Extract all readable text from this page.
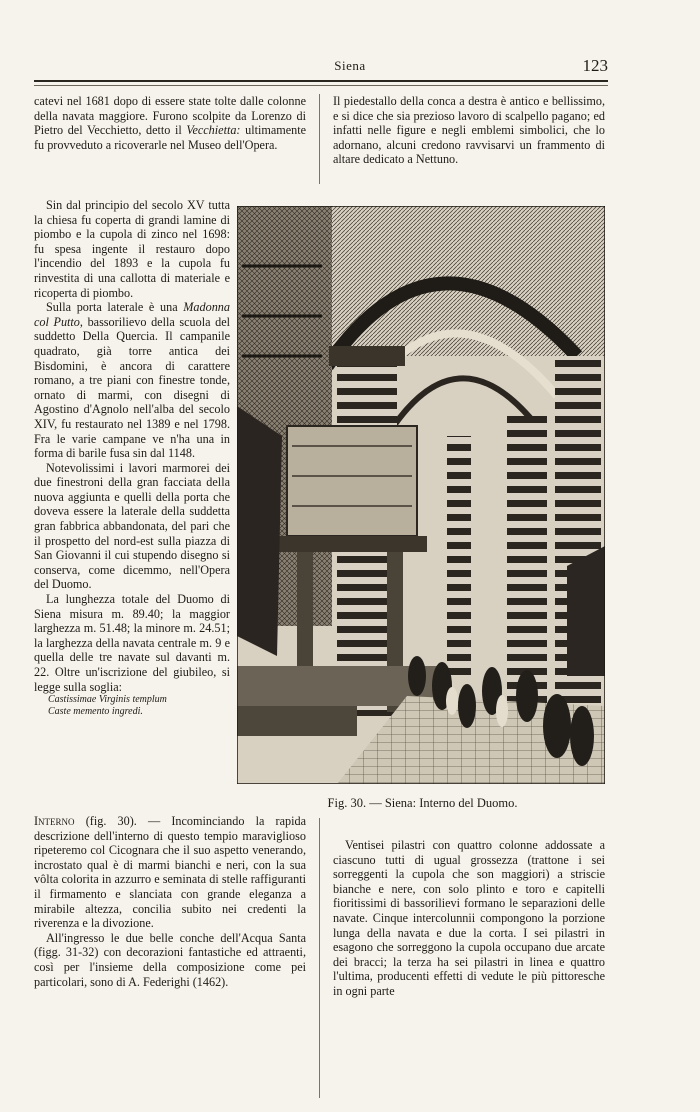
Siena	123

catevi nel 1681 dopo di essere state tolte dalle colonne della navata maggiore. Furono scolpite da Lorenzo di Pietro del Vecchietto, detto il Vecchietta: ultimamente fu provveduto a ricoverarle nel Museo dell'Opera.

Sin dal principio del secolo XV tutta la chiesa fu coperta di grandi lamine di piombo e la cupola di zinco nel 1698: fu spesa ingente il restauro dopo l'incendio del 1893 e la cupola fu rinvestita di una callotta di materiale e ricoperta di piombo.

Sulla porta laterale è una Madonna col Putto, bassorilievo della scuola del suddetto Della Quercia. Il campanile quadrato, già torre antica dei Bisdomini, è ancora di carattere romano, a tre piani con finestre tonde, ornato di marmi, con disegni di Agostino d'Agnolo nell'alba del secolo XIV, fu restaurato nel 1389 e nel 1798. Fra le varie campane ve n'ha una in forma di barile fusa sin dal 1148.

Notevolissimi i lavori marmorei dei due finestroni della gran facciata della nuova aggiunta e quelli della porta che doveva essere la laterale della suddetta gran fabbrica abbandonata, del pari che il prospetto del nord-est sulla piazza di San Giovanni il cui stupendo disegno si conserva, come dicemmo, nell'Opera del Duomo.

La lunghezza totale del Duomo di Siena misura m. 89.40; la maggior larghezza m. 51.48; la minore m. 24.51; la larghezza della navata centrale m. 9 e quella delle tre navate sul davanti m. 22. Oltre un'iscrizione del giubileo, si legge sulla soglia:

Castissimae Virginis templum
Caste memento ingredi.

Interno (fig. 30). — Incominciando la rapida descrizione dell'interno di questo tempio maraviglioso ripeteremo col Cicognara che il suo aspetto venerando, incrostato qual è di marmi bianchi e neri, con la sua vôlta colorita in azzurro e seminata di stelle raffiguranti il firmamento e slanciata con grande eleganza a mirabile altezza, concilia subito nei credenti la riverenza e la divozione.

All'ingresso le due belle conche dell'Acqua Santa (figg. 31-32) con decorazioni fantastiche ed attraenti, così per l'insieme della composizione come pei particolari, sono di A. Federighi (1462).

Il piedestallo della conca a destra è antico e bellissimo, e si dice che sia prezioso lavoro di scalpello pagano; ed infatti nelle figure e negli emblemi simbolici, che lo adornano, alcuni credono ravvisarvi un frammento di altare dedicato a Nettuno.

Fig. 30. — Siena: Interno del Duomo.

Ventisei pilastri con quattro colonne addossate a ciascuno tutti di ugual grossezza (trattone i sei sorreggenti la cupola che son maggiori) a striscie bianche e nere, con solo plinto e toro e capitelli fioritissimi di bassorilievi formano le separazioni delle navate. Cinque intercolunnii compongono la porzione lunga della navata e due la corta. I sei pilastri in esagono che sorreggono la cupola occupano due arcate dei bracci; la terza ha sei pilastri in linea e quattro l'ultima, producenti effetti di vedute le più pittoresche in ogni parte
